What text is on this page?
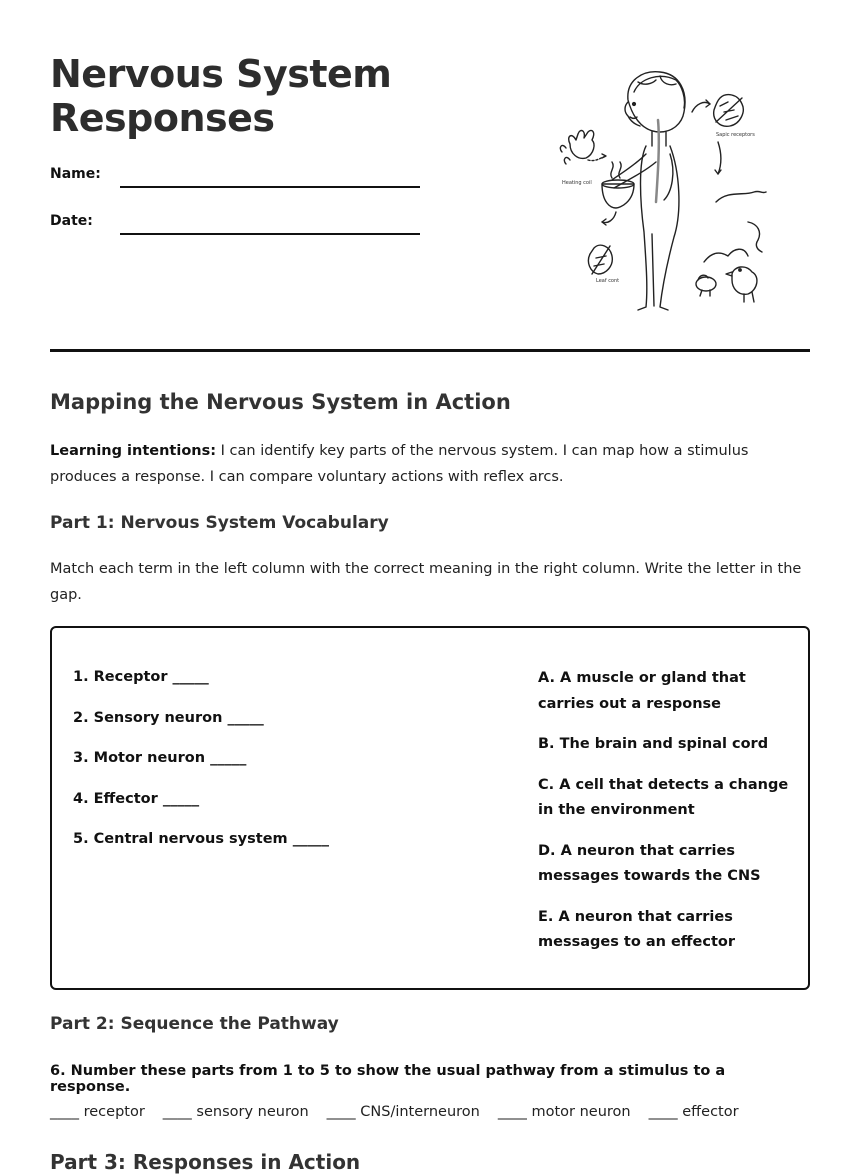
Nervous System
Responses
Name:
Date:
Heating coil
Sapic receptors
Leaf cont
Mapping the Nervous System in Action

Learning intentions: I can identify key parts of the nervous system. I can map how a stimulus produces a response. I can compare voluntary actions with reflex arcs.

Part 1: Nervous System Vocabulary

Match each term in the left column with the correct meaning in the right column. Write the letter in the gap.

1. Receptor _____
2. Sensory neuron _____
3. Motor neuron _____
4. Effector _____
5. Central nervous system _____
A. A muscle or gland that carries out a response
B. The brain and spinal cord
C. A cell that detects a change in the environment
D. A neuron that carries messages towards the CNS
E. A neuron that carries messages to an effector
Part 2: Sequence the Pathway
6. Number these parts from 1 to 5 to show the usual pathway from a stimulus to a response.
____ receptor ____ sensory neuron ____ CNS/interneuron ____ motor neuron ____ effector
Part 3: Responses in Action
